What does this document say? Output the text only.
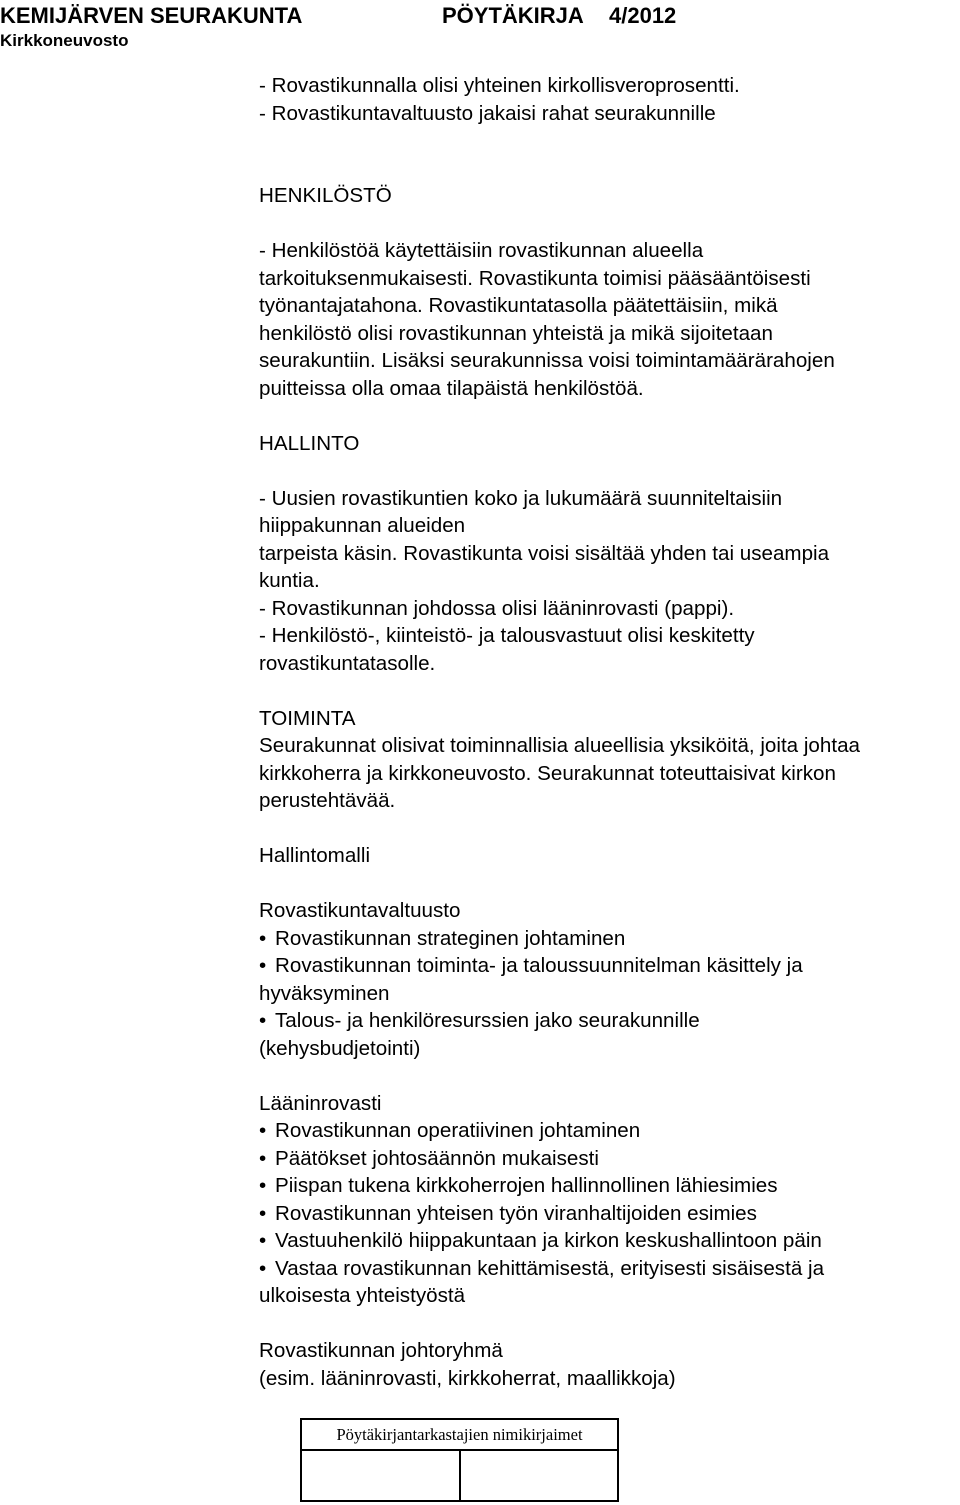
KEMIJÄRVEN SEURAKUNTA	PÖYTÄKIRJA 4/2012
Kirkkoneuvosto

- Rovastikunnalla olisi yhteinen kirkollisveroprosentti.

- Rovastikuntavaltuusto jakaisi rahat seurakunnille

HENKILÖSTÖ

- Henkilöstöä käytettäisiin rovastikunnan alueella

tarkoituksenmukaisesti. Rovastikunta toimisi pääsääntöisesti

työnantajatahona. Rovastikuntatasolla päätettäisiin, mikä

henkilöstö olisi rovastikunnan yhteistä ja mikä sijoitetaan

seurakuntiin. Lisäksi seurakunnissa voisi toimintamäärärahojen

puitteissa olla omaa tilapäistä henkilöstöä.

HALLINTO

- Uusien rovastikuntien koko ja lukumäärä suunniteltaisiin

hiippakunnan alueiden

tarpeista käsin. Rovastikunta voisi sisältää yhden tai useampia

kuntia.

- Rovastikunnan johdossa olisi lääninrovasti (pappi).

- Henkilöstö-, kiinteistö- ja talousvastuut olisi keskitetty

rovastikuntatasolle.

TOIMINTA

Seurakunnat olisivat toiminnallisia alueellisia yksiköitä, joita johtaa

kirkkoherra ja kirkkoneuvosto. Seurakunnat toteuttaisivat kirkon

perustehtävää.

Hallintomalli

Rovastikuntavaltuusto

• Rovastikunnan strateginen johtaminen

• Rovastikunnan toiminta- ja taloussuunnitelman käsittely ja

hyväksyminen

• Talous- ja henkilöresurssien jako seurakunnille

(kehysbudjetointi)

Lääninrovasti

• Rovastikunnan operatiivinen johtaminen

• Päätökset johtosäännön mukaisesti

• Piispan tukena kirkkoherrojen hallinnollinen lähiesimies

• Rovastikunnan yhteisen työn viranhaltijoiden esimies

• Vastuuhenkilö hiippakuntaan ja kirkon keskushallintoon päin

• Vastaa rovastikunnan kehittämisestä, erityisesti sisäisestä ja

ulkoisesta yhteistyöstä

Rovastikunnan johtoryhmä

(esim. lääninrovasti, kirkkoherrat, maallikkoja)

Pöytäkirjantarkastajien nimikirjaimet
